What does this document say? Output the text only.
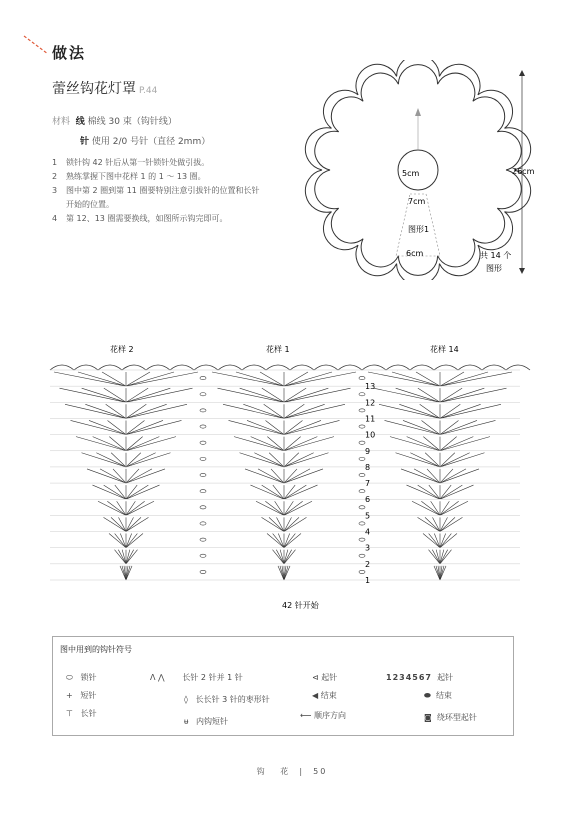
做法
蕾丝钩花灯罩 P.44
材料 线 棉线 30 束（钩针线）
针 使用 2/0 号针（直径 2mm）
1 锁针钩 42 针后从第一针锁针处做引拔。
2 熟练掌握下图中花样 1 的 1 ～ 13 圈。
3 图中第 2 圈到第 11 圈要特别注意引拔针的位置和长针
开始的位置。
4 第 12、13 圈需要换线，如图所示钩完即可。
5cm
7cm
图形1
6cm
26cm
共 14 个
图形
花样 2	花样 1	花样 14
1
2
3
4
5
6
7
8
9
10
11
12
13
42 针开始
图中用到的钩针符号
⬭ 锁针
+ 短针
⊤ 长针
Λ ⋀ 长针 2 针并 1 针
◊ 长长针 3 针的枣形针
ᵾ 内钩短针
⊲ 起针
◀ 结束
⟵ 顺序方向
1234567 起针
⬬ 结束
◙ 绕环型起针
钩 花  |  50
